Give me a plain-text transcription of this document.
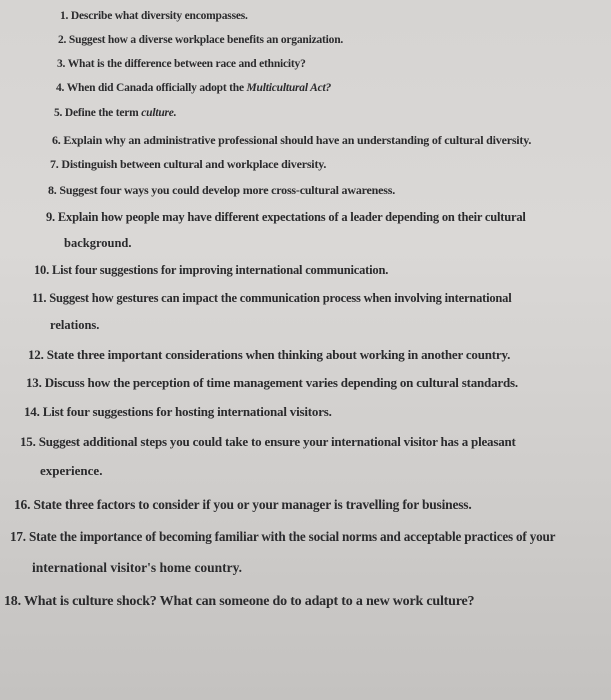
1. Describe what diversity encompasses.
2. Suggest how a diverse workplace benefits an organization.
3. What is the difference between race and ethnicity?
4. When did Canada officially adopt the Multicultural Act?
5. Define the term culture.
6. Explain why an administrative professional should have an understanding of cultural diversity.
7. Distinguish between cultural and workplace diversity.
8. Suggest four ways you could develop more cross-cultural awareness.
9. Explain how people may have different expectations of a leader depending on their cultural
background.
10. List four suggestions for improving international communication.
11. Suggest how gestures can impact the communication process when involving international
relations.
12. State three important considerations when thinking about working in another country.
13. Discuss how the perception of time management varies depending on cultural standards.
14. List four suggestions for hosting international visitors.
15. Suggest additional steps you could take to ensure your international visitor has a pleasant
experience.
16. State three factors to consider if you or your manager is travelling for business.
17. State the importance of becoming familiar with the social norms and acceptable practices of your
international visitor's home country.
18. What is culture shock? What can someone do to adapt to a new work culture?
